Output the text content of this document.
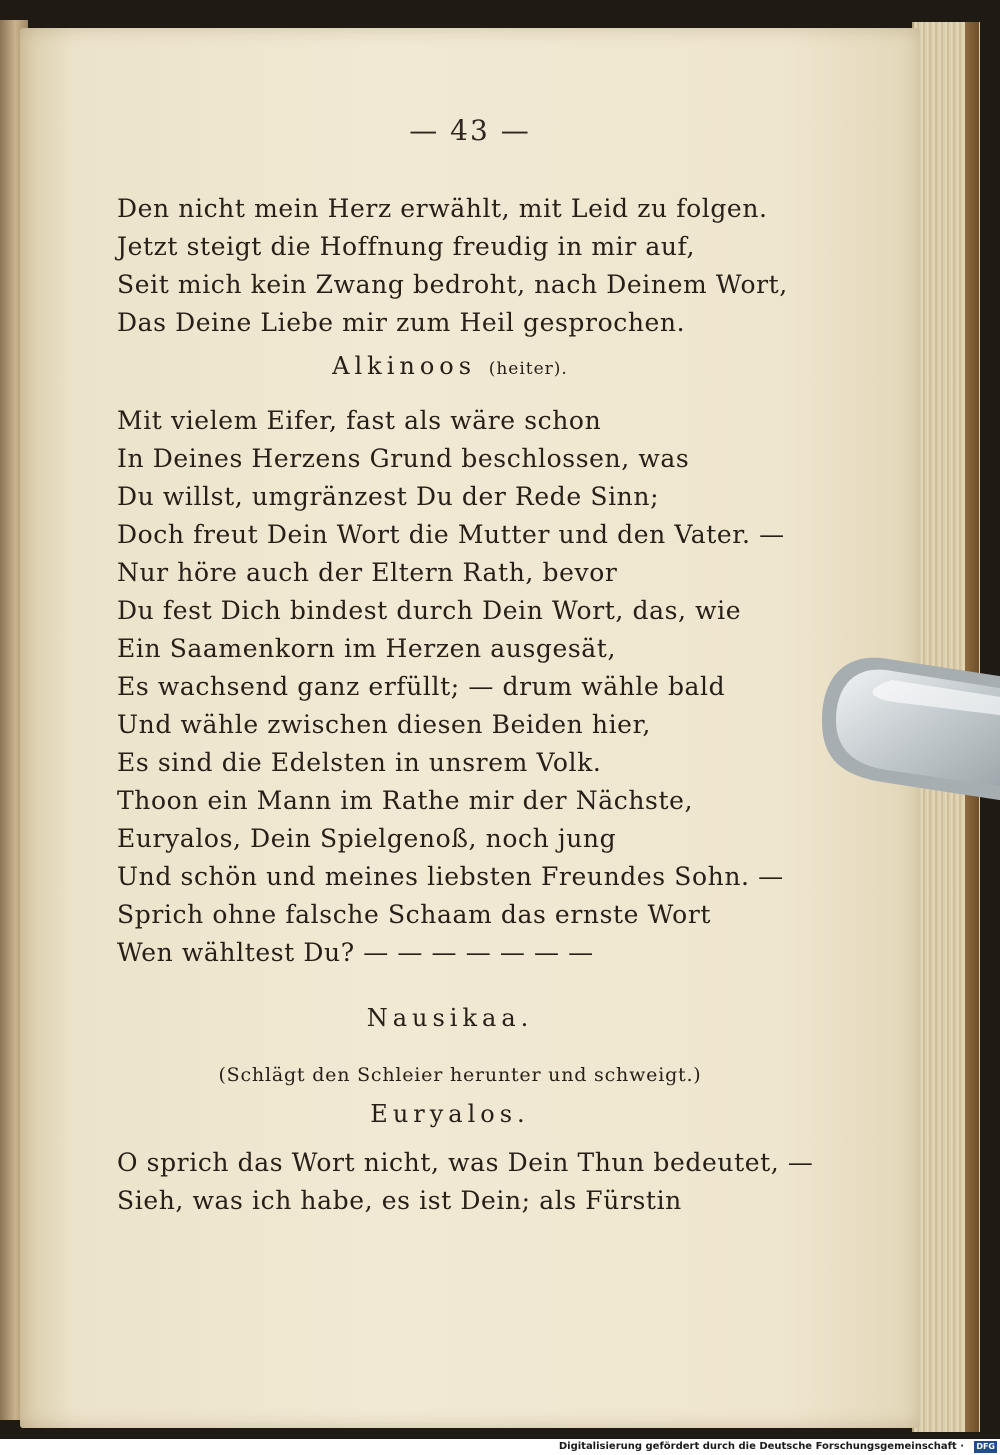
— 43 —
Den nicht mein Herz erwählt, mit Leid zu folgen.
Jetzt steigt die Hoffnung freudig in mir auf,
Seit mich kein Zwang bedroht, nach Deinem Wort,
Das Deine Liebe mir zum Heil gesprochen.
Alkinoos (heiter).
Mit vielem Eifer, fast als wäre schon
In Deines Herzens Grund beschlossen, was
Du willst, umgränzest Du der Rede Sinn;
Doch freut Dein Wort die Mutter und den Vater. —
Nur höre auch der Eltern Rath, bevor
Du fest Dich bindest durch Dein Wort, das, wie
Ein Saamenkorn im Herzen ausgesät,
Es wachsend ganz erfüllt; — drum wähle bald
Und wähle zwischen diesen Beiden hier,
Es sind die Edelsten in unsrem Volk.
Thoon ein Mann im Rathe mir der Nächste,
Euryalos, Dein Spielgenoß, noch jung
Und schön und meines liebsten Freundes Sohn. —
Sprich ohne falsche Schaam das ernste Wort
Wen wähltest Du? — — — — — — —
Nausikaa.
(Schlägt den Schleier herunter und schweigt.)
Euryalos.
O sprich das Wort nicht, was Dein Thun bedeutet, —
Sieh, was ich habe, es ist Dein; als Fürstin
Digitalisierung gefördert durch die Deutsche Forschungsgemeinschaft · DFG
